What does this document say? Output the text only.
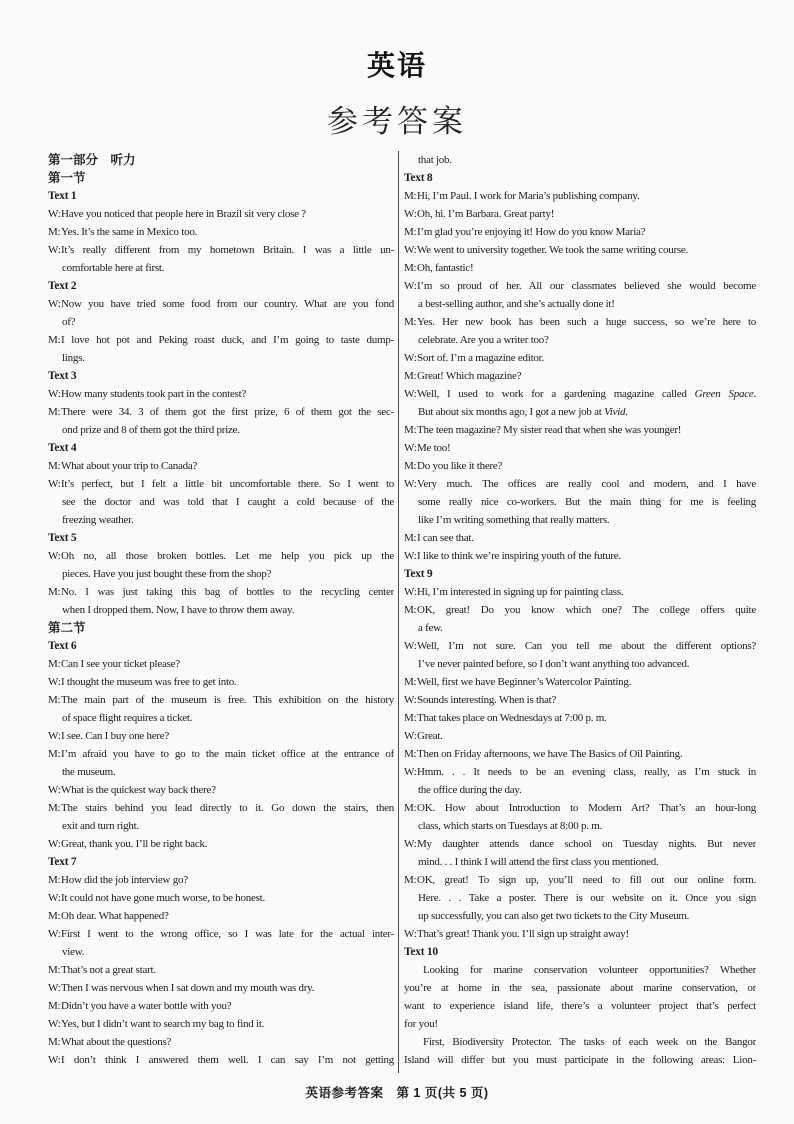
英语
参考答案
第一部分　听力
第一节
Text 1
W:Have you noticed that people here in Brazil sit very close ?
M:Yes. It’s the same in Mexico too.
W:It’s really different from my hometown Britain. I was a little un-
comfortable here at first.
Text 2
W:Now you have tried some food from our country. What are you fond
of?
M:I love hot pot and Peking roast duck, and I’m going to taste dump-
lings.
Text 3
W:How many students took part in the contest?
M:There were 34. 3 of them got the first prize, 6 of them got the sec-
ond prize and 8 of them got the third prize.
Text 4
M:What about your trip to Canada?
W:It’s perfect, but I felt a little bit uncomfortable there. So I went to
see the doctor and was told that I caught a cold because of the
freezing weather.
Text 5
W:Oh no, all those broken bottles. Let me help you pick up the
pieces. Have you just bought these from the shop?
M:No. I was just taking this bag of bottles to the recycling center
when I dropped them. Now, I have to throw them away.
第二节
Text 6
M:Can I see your ticket please?
W:I thought the museum was free to get into.
M:The main part of the museum is free. This exhibition on the history
of space flight requires a ticket.
W:I see. Can I buy one here?
M:I’m afraid you have to go to the main ticket office at the entrance of
the museum.
W:What is the quickest way back there?
M:The stairs behind you lead directly to it. Go down the stairs, then
exit and turn right.
W:Great, thank you. I’ll be right back.
Text 7
M:How did the job interview go?
W:It could not have gone much worse, to be honest.
M:Oh dear. What happened?
W:First I went to the wrong office, so I was late for the actual inter-
view.
M:That’s not a great start.
W:Then I was nervous when I sat down and my mouth was dry.
M:Didn’t you have a water bottle with you?
W:Yes, but I didn’t want to search my bag to find it.
M:What about the questions?
W:I don’t think I answered them well. I can say I’m not getting
that job.
Text 8
M:Hi, I’m Paul. I work for Maria’s publishing company.
W:Oh, hi. I’m Barbara. Great party!
M:I’m glad you’re enjoying it! How do you know Maria?
W:We went to university together. We took the same writing course.
M:Oh, fantastic!
W:I’m so proud of her. All our classmates believed she would become
a best-selling author, and she’s actually done it!
M:Yes. Her new book has been such a huge success, so we’re here to
celebrate. Are you a writer too?
W:Sort of. I’m a magazine editor.
M:Great! Which magazine?
W:Well, I used to work for a gardening magazine called Green Space.
But about six months ago, I got a new job at Vivid.
M:The teen magazine? My sister read that when she was younger!
W:Me too!
M:Do you like it there?
W:Very much. The offices are really cool and modern, and I have
some really nice co-workers. But the main thing for me is feeling
like I’m writing something that really matters.
M:I can see that.
W:I like to think we’re inspiring youth of the future.
Text 9
W:Hi, I’m interested in signing up for painting class.
M:OK, great! Do you know which one? The college offers quite
a few.
W:Well, I’m not sure. Can you tell me about the different options?
I’ve never painted before, so I don’t want anything too advanced.
M:Well, first we have Beginner’s Watercolor Painting.
W:Sounds interesting. When is that?
M:That takes place on Wednesdays at 7:00 p. m.
W:Great.
M:Then on Friday afternoons, we have The Basics of Oil Painting.
W:Hmm. . . It needs to be an evening class, really, as I’m stuck in
the office during the day.
M:OK. How about Introduction to Modern Art? That’s an hour-long
class, which starts on Tuesdays at 8:00 p. m.
W:My daughter attends dance school on Tuesday nights. But never
mind. . . I think I will attend the first class you mentioned.
M:OK, great! To sign up, you’ll need to fill out our online form.
Here. . . Take a poster. There is our website on it. Once you sign
up successfully, you can also get two tickets to the City Museum.
W:That’s great! Thank you. I’ll sign up straight away!
Text 10
Looking for marine conservation volunteer opportunities? Whether
you’re at home in the sea, passionate about marine conservation, or
want to experience island life, there’s a volunteer project that’s perfect
for you!
First, Biodiversity Protector. The tasks of each week on the Bangor
Island will differ but you must participate in the following areas: Lion-
英语参考答案　第 1 页(共 5 页)
